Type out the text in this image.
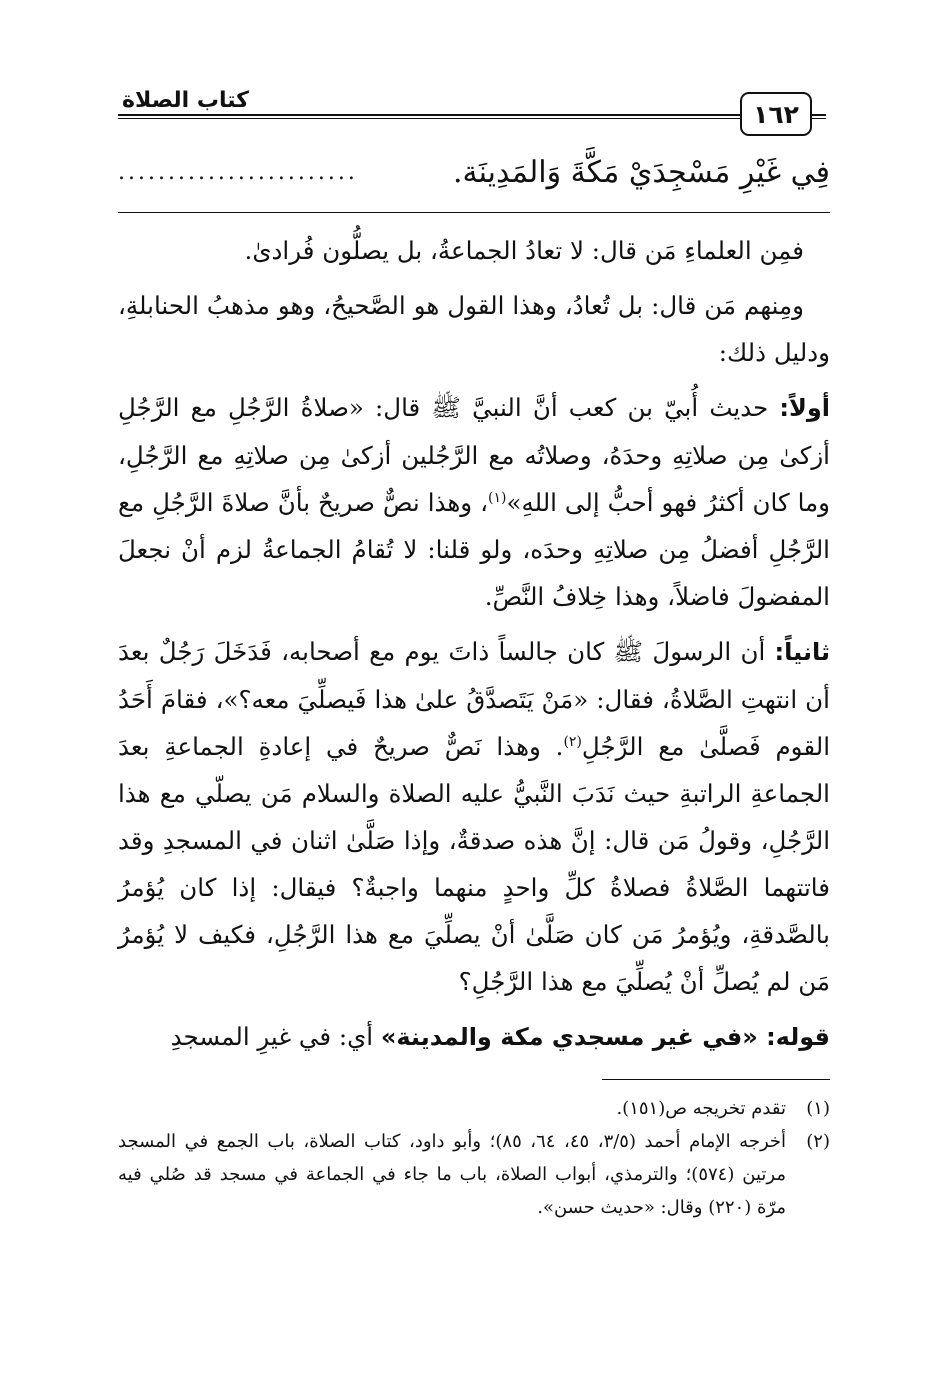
١٦٢
كتاب الصلاة
فِي غَيْرِ مَسْجِدَيْ مَكَّةَ وَالمَدِينَة.
........................

فمِن العلماءِ مَن قال: لا تعادُ الجماعةُ، بل يصلُّون فُرادىٰ.

ومِنهم مَن قال: بل تُعادُ، وهذا القول هو الصَّحيحُ، وهو مذهبُ الحنابلةِ، ودليل ذلك:

أولاً: حديث أُبيّ بن كعب أنَّ النبيَّ ﷺ قال: «صلاةُ الرَّجُلِ مع الرَّجُلِ أزكىٰ مِن صلاتِهِ وحدَهُ، وصلاتُه مع الرَّجُلين أزكىٰ مِن صلاتِهِ مع الرَّجُلِ، وما كان أكثرُ فهو أحبُّ إلى اللهِ»$^{(١)}$، وهذا نصٌّ صريحٌ بأنَّ صلاةَ الرَّجُلِ مع الرَّجُلِ أفضلُ مِن صلاتِهِ وحدَه، ولو قلنا: لا تُقامُ الجماعةُ لزم أنْ نجعلَ المفضولَ فاضلاً، وهذا خِلافُ النَّصِّ.

ثانياً: أن الرسولَ ﷺ كان جالساً ذاتَ يوم مع أصحابه، فَدَخَلَ رَجُلٌ بعدَ أن انتهتِ الصَّلاةُ، فقال: «مَنْ يَتَصدَّقُ علىٰ هذا فَيصلِّيَ معه؟»، فقامَ أَحَدُ القوم فَصلَّىٰ مع الرَّجُلِ$^{(٢)}$. وهذا نَصٌّ صريحٌ في إعادةِ الجماعةِ بعدَ الجماعةِ الراتبةِ حيث نَدَبَ النَّبيُّ عليه الصلاة والسلام مَن يصلّي مع هذا الرَّجُلِ، وقولُ مَن قال: إنَّ هذه صدقةٌ، وإذا صَلَّىٰ اثنان في المسجدِ وقد فاتتهما الصَّلاةُ فصلاةُ كلِّ واحدٍ منهما واجبةٌ؟ فيقال: إذا كان يُؤمرُ بالصَّدقةِ، ويُؤمرُ مَن كان صَلَّىٰ أنْ يصلِّيَ مع هذا الرَّجُلِ، فكيف لا يُؤمرُ مَن لم يُصلِّ أنْ يُصلِّيَ مع هذا الرَّجُلِ؟

قوله: «في غير مسجدي مكة والمدينة» أي: في غيرِ المسجدِ

(١)
تقدم تخريجه ص(١٥١).
(٢)
أخرجه الإمام أحمد (٣/٥، ٤٥، ٦٤، ٨٥)؛ وأبو داود، كتاب الصلاة، باب الجمع في المسجد مرتين (٥٧٤)؛ والترمذي، أبواب الصلاة، باب ما جاء في الجماعة في مسجد قد صُلي فيه مرّة (٢٢٠) وقال: «حديث حسن».
